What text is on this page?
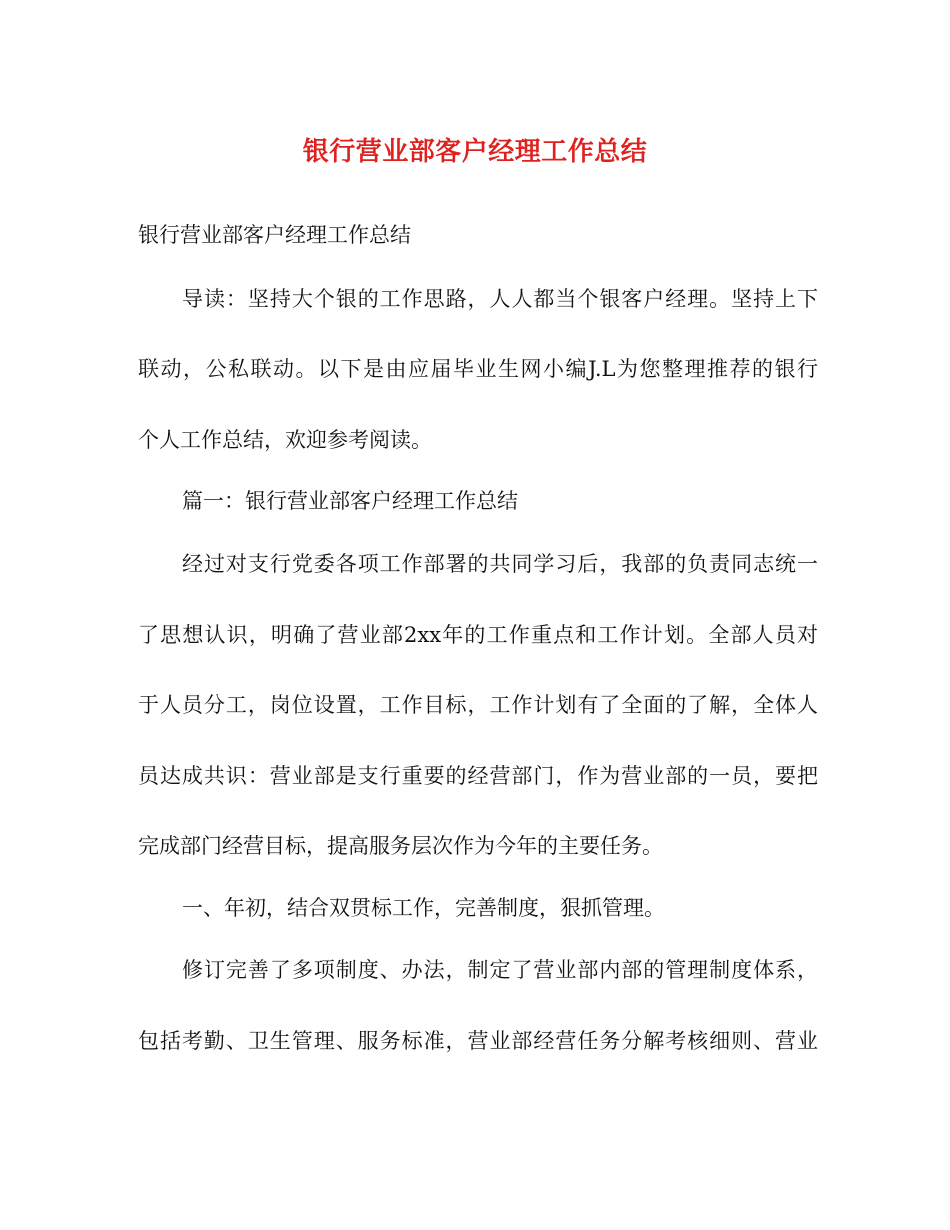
银行营业部客户经理工作总结

银行营业部客户经理工作总结

导读：坚持大个银的工作思路，人人都当个银客户经理。坚持上下

联动，公私联动。以下是由应届毕业生网小编J.L为您整理推荐的银行

个人工作总结，欢迎参考阅读。

篇一：银行营业部客户经理工作总结

经过对支行党委各项工作部署的共同学习后，我部的负责同志统一

了思想认识，明确了营业部2xx年的工作重点和工作计划。全部人员对

于人员分工，岗位设置，工作目标，工作计划有了全面的了解，全体人

员达成共识：营业部是支行重要的经营部门，作为营业部的一员，要把

完成部门经营目标，提高服务层次作为今年的主要任务。

一、年初，结合双贯标工作，完善制度，狠抓管理。

修订完善了多项制度、办法，制定了营业部内部的管理制度体系，

包括考勤、卫生管理、服务标准，营业部经营任务分解考核细则、营业
